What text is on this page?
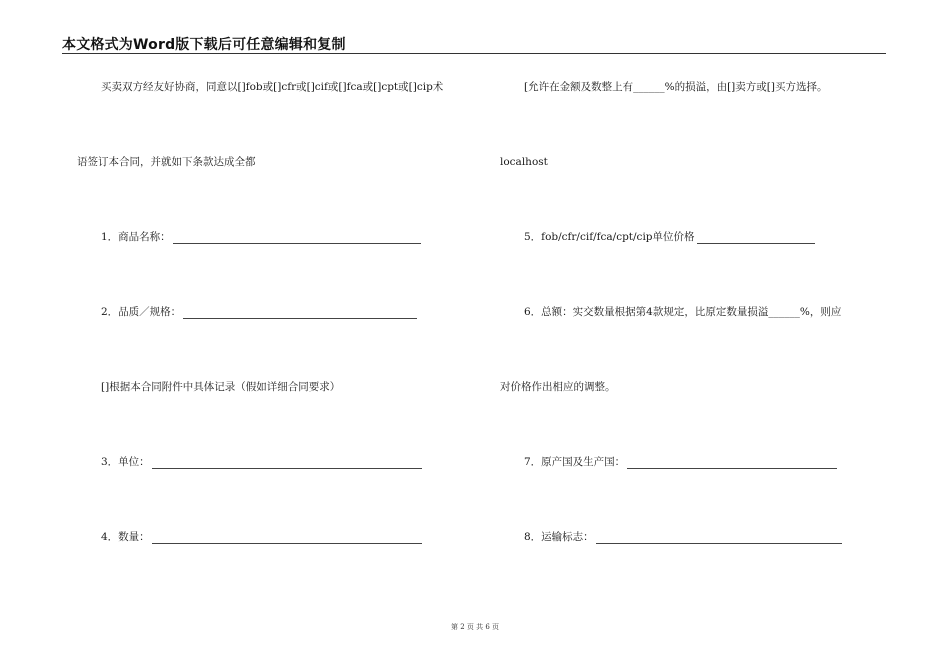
本文格式为Word版下载后可任意编辑和复制
买卖双方经友好协商，同意以[]fob或[]cfr或[]cif或[]fca或[]cpt或[]cip术
语签订本合同，并就如下条款达成全都
1．商品名称：
2．品质／规格：
[]根据本合同附件中具体记录（假如详细合同要求）
3．单位：
4．数量：
[允许在金额及数整上有______%的损溢，由[]卖方或[]买方选择。
localhost
5．fob/cfr/cif/fca/cpt/cip单位价格
6．总额：实交数量根据第4款规定，比原定数量损溢______%，则应
对价格作出相应的调整。
7．原产国及生产国：
8．运输标志：
第 2 页 共 6 页
